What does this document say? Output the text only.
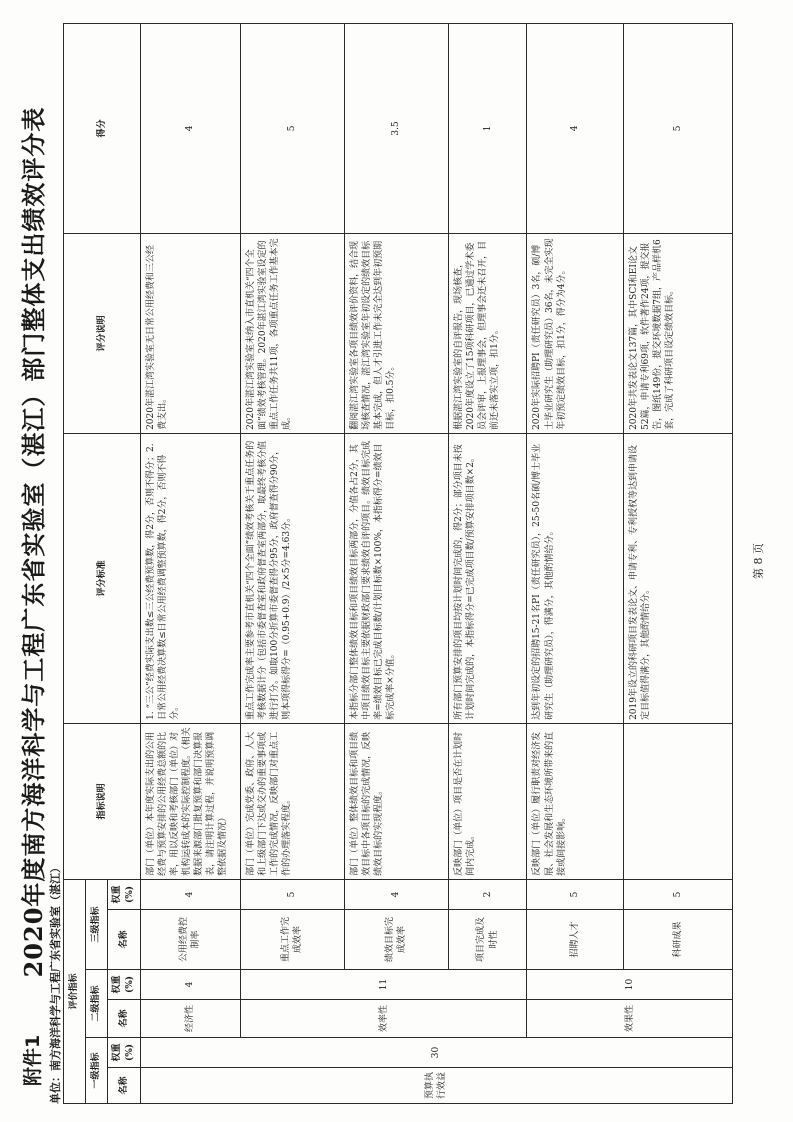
附件1
2020年度南方海洋科学与工程广东省实验室（湛江）部门整体支出绩效评分表
单位：南方海洋科学与工程广东省实验室（湛江） 评价指标						指标说明	评分标准	评分说明	得分
一级指标		二级指标		三级指标					
名称	权重(%)	名称	权重(%)	名称	权重(%)				
预算执行效益	30	经济性	4	公用经费控制率	4	部门（单位）本年度实际支出的公用经费与预算安排的公用经费总额的比率，用以反映和考核部门（单位）对机构运转成本的实际控制程度。（相关数据来源部门批复预算和部门决算报表，请注明计算过程，并说明预算调整依据及情况）	1. “三公”经费实际支出数≤三公经费预算数，得2分，否则不得分；2. 日常公用经费决算数≤日常公用经费调整预算数，得2分，否则不得分。	2020年湛江湾实验室无日常公用经费和三公经费支出。	4
		效率性	11	重点工作完成效率	5	部门（单位）完成党委、政府、人大和上级部门下达或交办的重要事项或工作的完成情况，反映部门对重点工作的办理落实程度。	重点工作完成率主要参考市直机关“四个全面”绩效考核关于重点任务的考核数据计分（包括市委督查室和政府督查室两部分，取最终考核分值进行打分。如取100分折算市委督查得分95分，政府督查得分90分，则本项得标得分=（0.95+0.9）/2×5分=4.63分。	2020年湛江湾实验室未纳入市直机关“四个全面”绩效考核管理。2020年湛江湾实验室设定的重点工作任务共11项，各项重点任务工作基本完成。	5
				绩效目标完成效率	4	部门（单位）整体绩效目标和项目绩效目标中各项目标的完成情况，反映绩效目标的实现程度。	本指标分部门整体绩效目标和项目绩效目标两部分，分值各占2分，其中项目绩效目标主要依据财政部门要求绩效自评的项目。绩效目标完成率=绩效目标已完成目标数/计划目标数×100%，本指标得分=绩效目标完成率×分值。	翻阅湛江湾实验室各项目绩效评价资料，结合现场核查情况，湛江湾实验室年初设定的绩效目标基本完成，但人才引进工作未完全达到年初预期目标，扣0.5分。	3.5
				项目完成及时性	2	反映部门（单位）项目是否在计划时间内完成。	所有部门预算安排的项目均按计划时间完成的，得2分；部分项目未按计划时间完成的，本指标得分=已完成项目数/预算安排项目数×2。	根据湛江湾实验室的自评报告，现场核查，2020年度设立了15项科研项目，已通过学术委员会评审，上报理事会，但理事会还未召开，目前还未落实立项，扣1分。	1
		效果性	10	招聘人才	5	反映部门（单位）履行职责对经济发展、社会发展和生态环境所带来的直接或间接影响。	达到年初设定的招聘15-21名PI（责任研究员），25-50名硕/博士毕业研究生（助理研究员），得满分，其他酌情给分。	2020年实际招聘PI（责任研究员）3名，硕/博士毕业研究生（助理研究员）36名，未完全实现年初预定绩效目标，扣1分，得分为4分。	4
				科研成果	5		2019年设立的科研项目发表论文、申请专利、专利授权等达到申请设定目标值得满分，其他酌情给分。	2020年共发表论文137篇，其中SCI和EI论文52篇，申请专利69项，软件著作24项，提交报告，图纸149份，提交环境数据7组，产品样机6套，完成了科研项目设定绩效目标。	5
第 8 页
